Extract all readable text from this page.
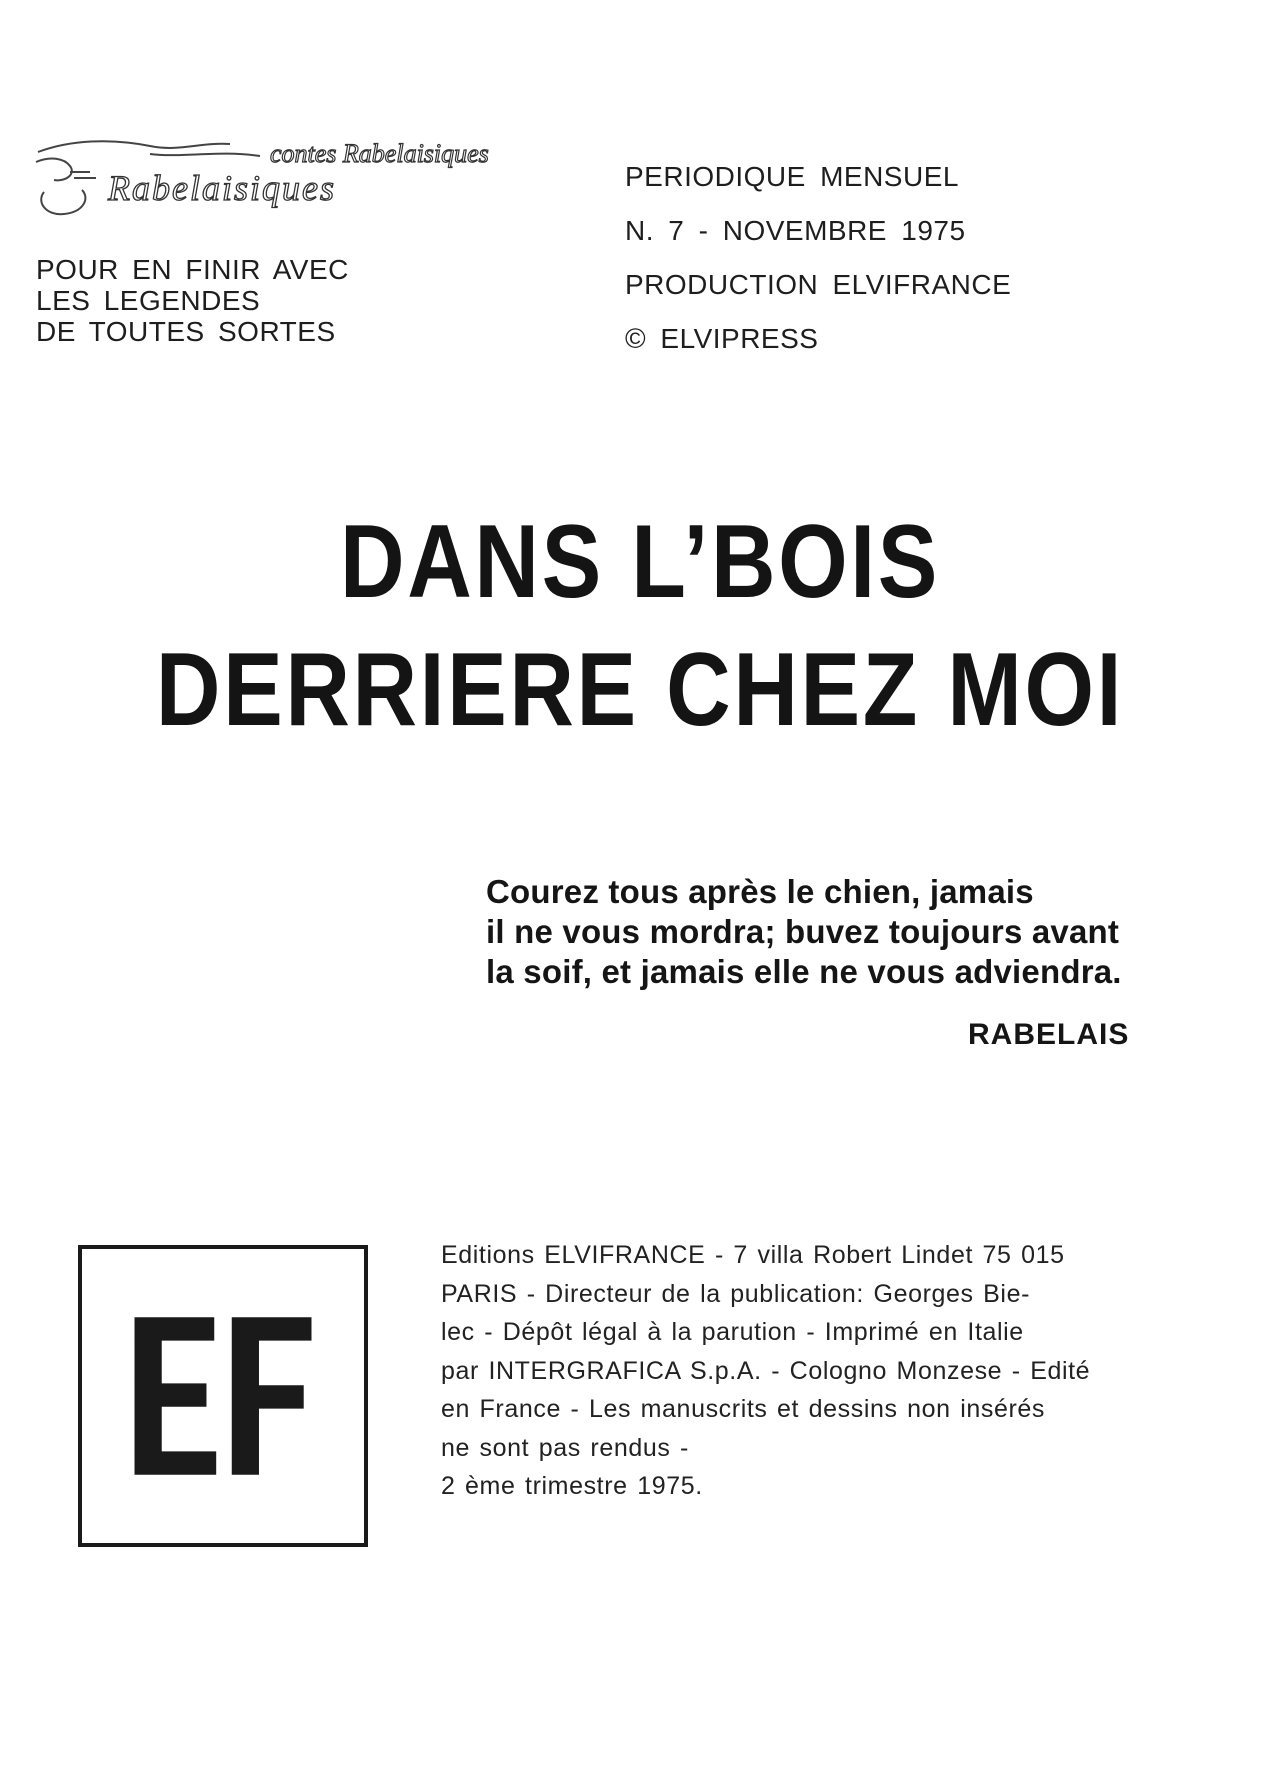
contes Rabelaisiques
Rabelaisiques

POUR EN FINIR AVEC
LES LEGENDES
DE TOUTES SORTES

PERIODIQUE MENSUEL
N. 7 - NOVEMBRE 1975
PRODUCTION ELVIFRANCE
© ELVIPRESS
DANS L’BOIS
DERRIERE CHEZ MOI
Courez tous après le chien, jamais
il ne vous mordra; buvez toujours avant
la soif, et jamais elle ne vous adviendra.
RABELAIS
Editions ELVIFRANCE - 7 villa Robert Lindet 75 015
PARIS - Directeur de la publication: Georges Bie-
lec - Dépôt légal à la parution - Imprimé en Italie
par INTERGRAFICA S.p.A. - Cologno Monzese - Edité
en France - Les manuscrits et dessins non insérés
ne sont pas rendus -
2 ème trimestre 1975.
